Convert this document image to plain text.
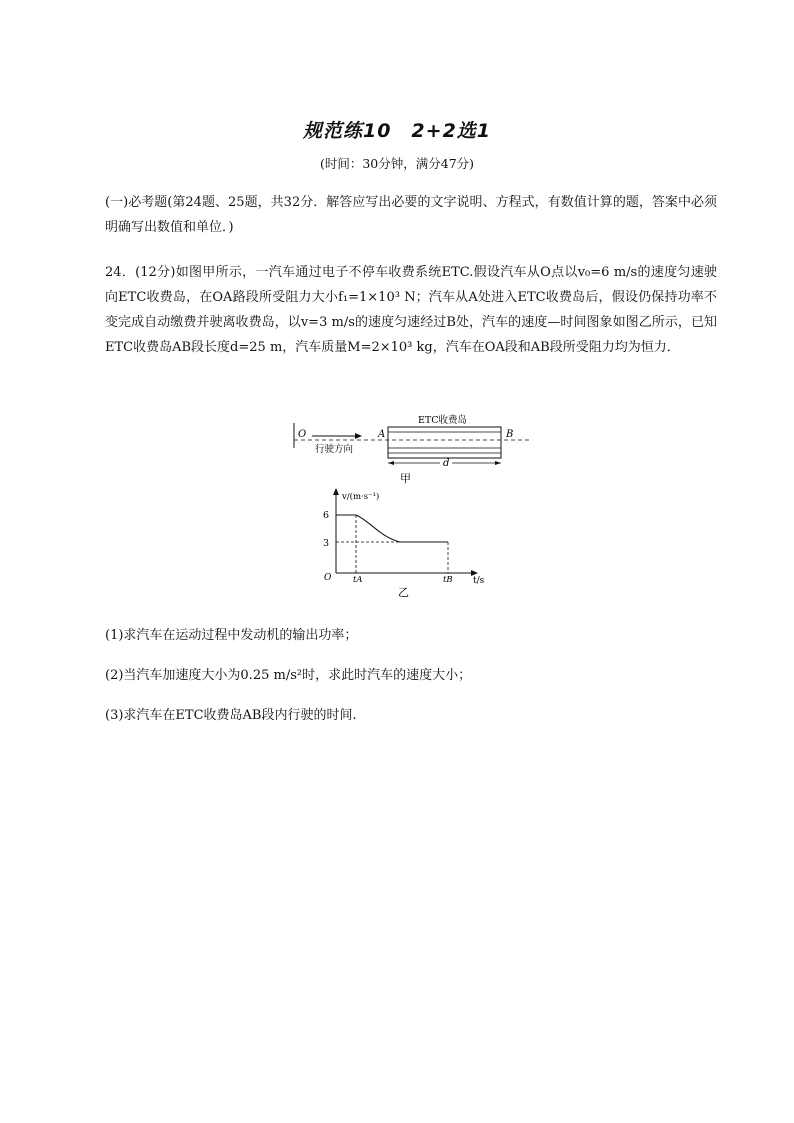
规范练10　2+2选1
(时间：30分钟，满分47分)
(一)必考题(第24题、25题，共32分．解答应写出必要的文字说明、方程式，有数值计算的题，答案中必须明确写出数值和单位．)
24．(12分)如图甲所示，一汽车通过电子不停车收费系统ETC.假设汽车从O点以v₀=6 m/s的速度匀速驶向ETC收费岛，在OA路段所受阻力大小f₁=1×10³ N；汽车从A处进入ETC收费岛后，假设仍保持功率不变完成自动缴费并驶离收费岛，以v=3 m/s的速度匀速经过B处，汽车的速度—时间图象如图乙所示，已知ETC收费岛AB段长度d=25 m，汽车质量M=2×10³ kg，汽车在OA段和AB段所受阻力均为恒力．
O	A	B
ETC收费岛
行驶方向
d
甲
v/(m·s⁻¹)
t/s
O
6
3
tA	tB
乙
(1)求汽车在运动过程中发动机的输出功率；
(2)当汽车加速度大小为0.25 m/s²时，求此时汽车的速度大小；
(3)求汽车在ETC收费岛AB段内行驶的时间.
